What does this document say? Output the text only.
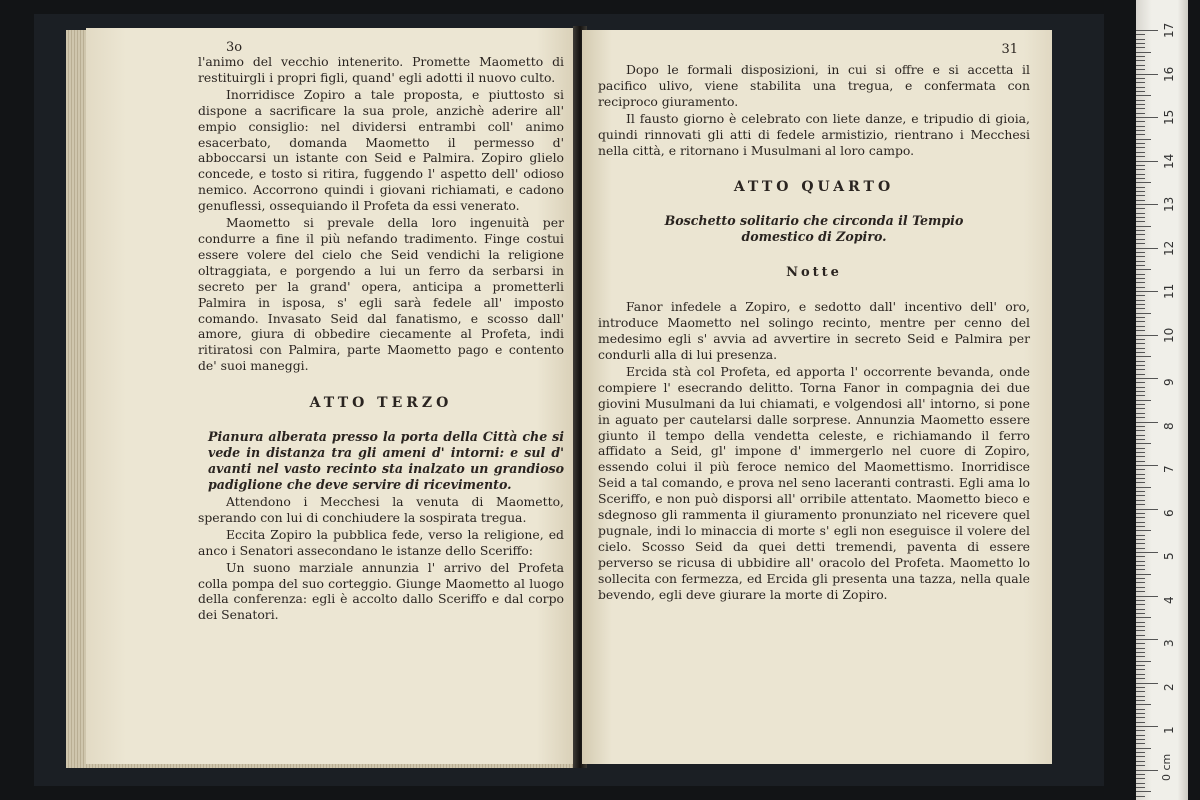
3o

l'animo del vecchio intenerito. Promette Maometto di restituirgli i propri figli, quand' egli adotti il nuovo culto.

Inorridisce Zopiro a tale proposta, e piuttosto si dispone a sacrificare la sua prole, anzichè aderire all' empio consiglio: nel dividersi entrambi coll' animo esacerbato, domanda Maometto il permesso d' abboccarsi un istante con Seid e Palmira. Zopiro glielo concede, e tosto si ritira, fuggendo l' aspetto dell' odioso nemico. Accorrono quindi i giovani richiamati, e cadono genuflessi, ossequiando il Profeta da essi venerato.

Maometto si prevale della loro ingenuità per condurre a fine il più nefando tradimento. Finge costui essere volere del cielo che Seid vendichi la religione oltraggiata, e porgendo a lui un ferro da serbarsi in secreto per la grand' opera, anticipa a prometterli Palmira in isposa, s' egli sarà fedele all' imposto comando. Invasato Seid dal fanatismo, e scosso dall' amore, giura di obbedire ciecamente al Profeta, indi ritiratosi con Palmira, parte Maometto pago e contento de' suoi maneggi.

ATTO TERZO

Pianura alberata presso la porta della Città che si vede in distanza tra gli ameni d' intorni: e sul d' avanti nel vasto recinto sta inalzato un grandioso padiglione che deve servire di ricevimento.

Attendono i Mecchesi la venuta di Maometto, sperando con lui di conchiudere la sospirata tregua.

Eccita Zopiro la pubblica fede, verso la religione, ed anco i Senatori assecondano le istanze dello Sceriffo:

Un suono marziale annunzia l' arrivo del Profeta colla pompa del suo corteggio. Giunge Maometto al luogo della conferenza: egli è accolto dallo Sceriffo e dal corpo dei Senatori.

31

Dopo le formali disposizioni, in cui si offre e si accetta il pacifico ulivo, viene stabilita una tregua, e confermata con reciproco giuramento.

Il fausto giorno è celebrato con liete danze, e tripudio di gioia, quindi rinnovati gli atti di fedele armistizio, rientrano i Mecchesi nella città, e ritornano i Musulmani al loro campo.

ATTO QUARTO
Boschetto solitario che circonda il Tempio
domestico di Zopiro.
Notte

Fanor infedele a Zopiro, e sedotto dall' incentivo dell' oro, introduce Maometto nel solingo recinto, mentre per cenno del medesimo egli s' avvia ad avvertire in secreto Seid e Palmira per condurli alla di lui presenza.

Ercida stà col Profeta, ed apporta l' occorrente bevanda, onde compiere l' esecrando delitto. Torna Fanor in compagnia dei due giovini Musulmani da lui chiamati, e volgendosi all' intorno, si pone in aguato per cautelarsi dalle sorprese. Annunzia Maometto essere giunto il tempo della vendetta celeste, e richiamando il ferro affidato a Seid, gl' impone d' immergerlo nel cuore di Zopiro, essendo colui il più feroce nemico del Maomettismo. Inorridisce Seid a tal comando, e prova nel seno laceranti contrasti. Egli ama lo Sceriffo, e non può disporsi all' orribile attentato. Maometto bieco e sdegnoso gli rammenta il giuramento pronunziato nel ricevere quel pugnale, indi lo minaccia di morte s' egli non eseguisce il volere del cielo. Scosso Seid da quei detti tremendi, paventa di essere perverso se ricusa di ubbidire all' oracolo del Profeta. Maometto lo sollecita con fermezza, ed Ercida gli presenta una tazza, nella quale bevendo, egli deve giurare la morte di Zopiro.

0 cm
17
16
15
14
13
12
11
10
9
8
7
6
5
4
3
2
1
